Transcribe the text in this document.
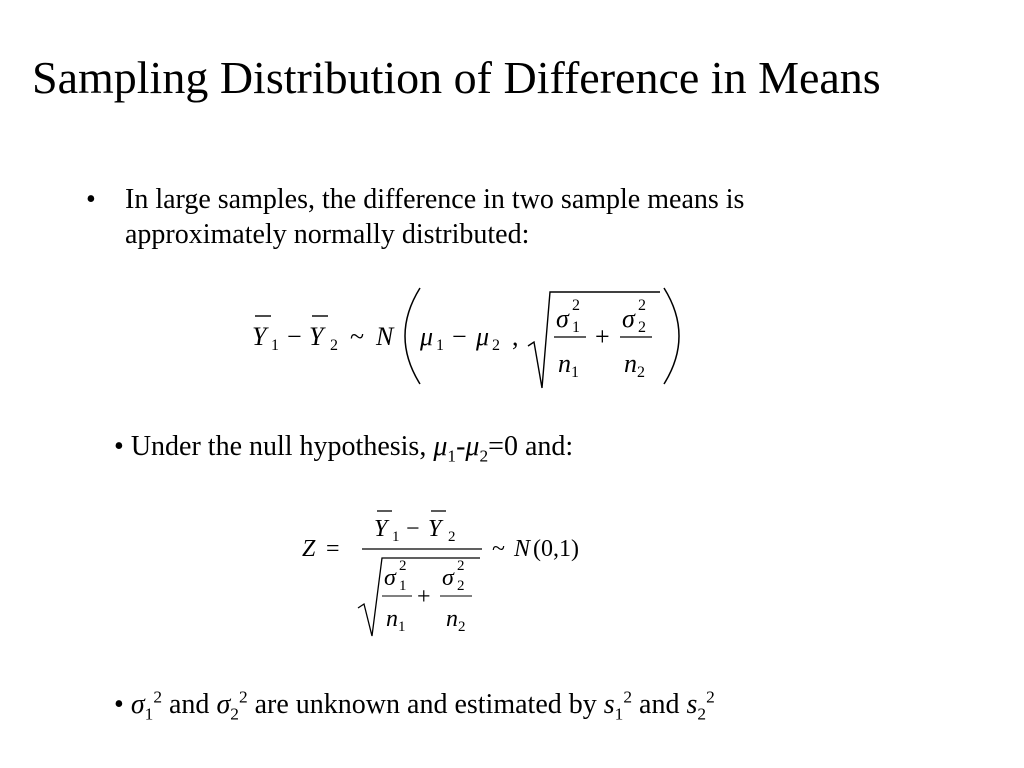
Sampling Distribution of Difference in Means
• In large samples, the difference in two sample means is approximately normally distributed:
Y 1 − Y 2 ~ N μ 1 − μ 2 ,
σ 2
1
n 1
+
σ 2
2
n 2
• Under the null hypothesis, $\mu_1-\mu_2=0$ and:
Z =
Y 1 − Y 2
σ 2
1
n 1
+
σ 2
2
n 2
~ N (0,1)
• $\sigma_1^2$ and $\sigma_2^2$ are unknown and estimated by $s_1^2$ and $s_2^2$
